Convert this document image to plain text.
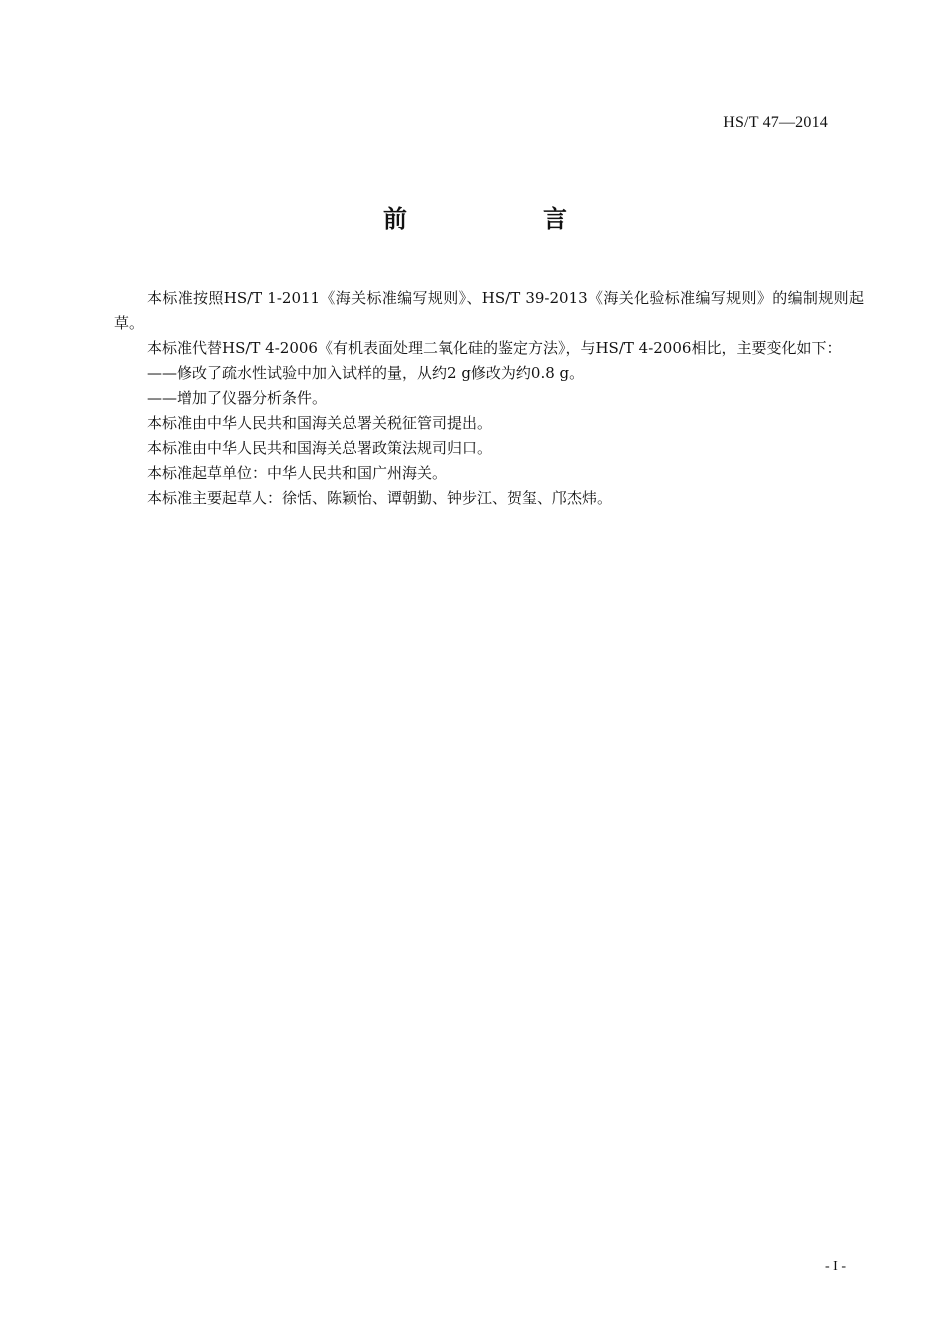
HS/T 47—2014
前　言

本标准按照HS/T 1-2011《海关标准编写规则》、HS/T 39-2013《海关化验标准编写规则》的编制规则起草。

本标准代替HS/T 4-2006《有机表面处理二氧化硅的鉴定方法》，与HS/T 4-2006相比，主要变化如下：

——修改了疏水性试验中加入试样的量，从约2 g修改为约0.8 g。

——增加了仪器分析条件。

本标准由中华人民共和国海关总署关税征管司提出。

本标准由中华人民共和国海关总署政策法规司归口。

本标准起草单位：中华人民共和国广州海关。

本标准主要起草人：徐恬、陈颖怡、谭朝勤、钟步江、贺玺、邝杰炜。

- I -
